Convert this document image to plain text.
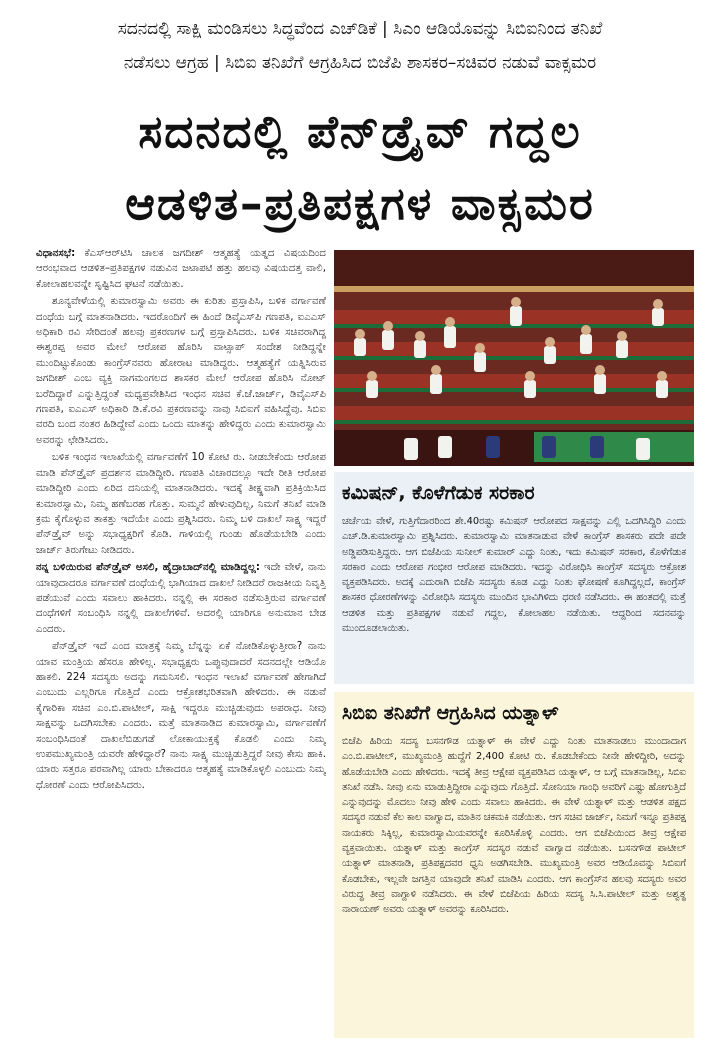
ಸದನದಲ್ಲಿ ಸಾಕ್ಷಿ ಮಂಡಿಸಲು ಸಿದ್ಧವೆಂದ ಎಚ್‌ಡಿಕೆ | ಸಿಎಂ ಆಡಿಯೊವನ್ನು ಸಿಬಿಐನಿಂದ ತನಿಖೆ
ನಡೆಸಲು ಆಗ್ರಹ | ಸಿಬಿಐ ತನಿಖೆಗೆ ಆಗ್ರಹಿಸಿದ ಬಿಜೆಪಿ ಶಾಸಕರ–ಸಚಿವರ ನಡುವೆ ವಾಕ್ಸಮರ
ಸದನದಲ್ಲಿ ಪೆನ್‌ಡ್ರೈವ್ ಗದ್ದಲ
ಆಡಳಿತ–ಪ್ರತಿಪಕ್ಷಗಳ ವಾಕ್ಸಮರ

ವಿಧಾನಸಭೆ: ಕೆಎಸ್‌ಆರ್‌ಟಿಸಿ ಚಾಲಕ ಜಗದೀಶ್ ಆತ್ಮಹತ್ಯೆ ಯತ್ನದ ವಿಷಯದಿಂದ ಆರಂಭವಾದ ಆಡಳಿತ–ಪ್ರತಿಪಕ್ಷಗಳ ನಡುವಿನ ಜಟಾಪಟಿ ಹತ್ತು ಹಲವು ವಿಷಯದತ್ತ ವಾಲಿ, ಕೋಲಾಹಲವನ್ನೇ ಸೃಷ್ಟಿಸಿದ ಘಟನೆ ನಡೆಯಿತು.

ಶೂನ್ಯವೇಳೆಯಲ್ಲಿ ಕುಮಾರಸ್ವಾಮಿ ಅವರು ಈ ಕುರಿತು ಪ್ರಸ್ತಾಪಿಸಿ, ಬಳಿಕ ವರ್ಗಾವಣೆ ದಂಧೆಯ ಬಗ್ಗೆ ಮಾತನಾಡಿದರು. ಇದರೊಂದಿಗೆ ಈ ಹಿಂದೆ ಡಿವೈಎಸ್‌ಪಿ ಗಣಪತಿ, ಐಎಎಸ್ ಅಧಿಕಾರಿ ರವಿ ಸೇರಿದಂತೆ ಹಲವು ಪ್ರಕರಣಗಳ ಬಗ್ಗೆ ಪ್ರಸ್ತಾಪಿಸಿದರು. ಬಳಿಕ ಸಚಿವರಾಗಿದ್ದ ಈಶ್ವರಪ್ಪ ಅವರ ಮೇಲೆ ಆರೋಪ ಹೊರಿಸಿ ವಾಟ್ಸಾಪ್ ಸಂದೇಶ ನೀಡಿದ್ದನ್ನೇ ಮುಂದಿಟ್ಟುಕೊಂಡು ಕಾಂಗ್ರೆಸ್‌ನವರು ಹೋರಾಟ ಮಾಡಿದ್ದರು. ಆತ್ಮಹತ್ಯೆಗೆ ಯತ್ನಿಸಿರುವ ಜಗದೀಶ್ ಎಂಬ ವ್ಯಕ್ತಿ ನಾಗಮಂಗಲದ ಶಾಸಕರ ಮೇಲೆ ಆರೋಪ ಹೊರಿಸಿ ನೋಟ್ ಬರೆದಿದ್ದಾರೆ ಎನ್ನುತ್ತಿದ್ದಂತೆ ಮಧ್ಯಪ್ರವೇಶಿಸಿದ ಇಂಧನ ಸಚಿವ ಕೆ.ಜೆ.ಜಾರ್ಜ್, ಡಿವೈಎಸ್‌ಪಿ ಗಣಪತಿ, ಐಎಎಸ್ ಅಧಿಕಾರಿ ಡಿ.ಕೆ.ರವಿ ಪ್ರಕರಣವನ್ನು ನಾವು ಸಿಬಿಐಗೆ ವಹಿಸಿದ್ದೆವು. ಸಿಬಿಐ ವರದಿ ಬಂದ ನಂತರ ಹಿಡಿದ್ದೇವೆ ಎಂದು ಒಂದು ಮಾತನ್ನು ಹೇಳಿದ್ದರು ಎಂದು ಕುಮಾರಸ್ವಾಮಿ ಅವರನ್ನು ಛೇಡಿಸಿದರು.

ಬಳಿಕ ಇಂಧನ ಇಲಾಖೆಯಲ್ಲಿ ವರ್ಗಾವಣೆಗೆ 10 ಕೋಟಿ ರು. ನೀಡಬೇಕೆಂದು ಆರೋಪ ಮಾಡಿ ಪೆನ್‌ಡ್ರೈವ್ ಪ್ರದರ್ಶನ ಮಾಡಿದ್ದೀರಿ. ಗಣಪತಿ ವಿಚಾರದಲ್ಲೂ ಇದೇ ರೀತಿ ಆರೋಪ ಮಾಡಿದ್ದೀರಿ ಎಂದು ಏರಿದ ದನಿಯಲ್ಲಿ ಮಾತನಾಡಿದರು. ಇದಕ್ಕೆ ತೀಕ್ಷ್ಣವಾಗಿ ಪ್ರತಿಕ್ರಿಯಿಸಿದ ಕುಮಾರಸ್ವಾಮಿ, ನಿಮ್ಮ ಹಣೆಬರಹ ಗೊತ್ತು. ಸುಮ್ಮನೆ ಹೇಳುವುದಿಲ್ಲ, ನಿಮಗೆ ತನಿಖೆ ಮಾಡಿ ಕ್ರಮ ಕೈಗೊಳ್ಳುವ ತಾಕತ್ತು ಇದೆಯೇ ಎಂದು ಪ್ರಶ್ನಿಸಿದರು. ನಿಮ್ಮ ಬಳಿ ದಾಖಲೆ ಸಾಕ್ಷ್ಯ ಇದ್ದರೆ ಪೆನ್‌ಡ್ರೈವ್ ಅನ್ನು ಸಭಾಧ್ಯಕ್ಷರಿಗೆ ಕೊಡಿ. ಗಾಳಿಯಲ್ಲಿ ಗುಂಡು ಹೊಡೆಯಬೇಡಿ ಎಂದು ಜಾರ್ಜ್ ತಿರುಗೇಟು ನೀಡಿದರು.

ನನ್ನ ಬಳಿಯಿರುವ ಪೆನ್‌ಡ್ರೈವ್ ಅಸಲಿ, ಹೈದ್ರಾಬಾದ್‌ನಲ್ಲಿ ಮಾಡಿದ್ದಲ್ಲ: ಇದೇ ವೇಳೆ, ನಾನು ಯಾವುದಾದರೂ ವರ್ಗಾವಣೆ ದಂಧೆಯಲ್ಲಿ ಭಾಗಿಯಾದ ದಾಖಲೆ ನೀಡಿದರೆ ರಾಜಕೀಯ ನಿವೃತ್ತಿ ಪಡೆಯುವೆ ಎಂದು ಸವಾಲು ಹಾಕಿದರು. ನನ್ನಲ್ಲಿ ಈ ಸರಕಾರ ನಡೆಸುತ್ತಿರುವ ವರ್ಗಾವಣೆ ದಂಧೆಗಳಿಗೆ ಸಂಬಂಧಿಸಿ ನನ್ನಲ್ಲಿ ದಾಖಲೆಗಳಿವೆ. ಅದರಲ್ಲಿ ಯಾರಿಗೂ ಅನುಮಾನ ಬೇಡ ಎಂದರು.

ಪೆನ್‌ಡ್ರೈವ್ ಇದೆ ಎಂದ ಮಾತ್ರಕ್ಕೆ ನಿಮ್ಮ ಬೆನ್ನನ್ನು ಏಕೆ ನೋಡಿಕೊಳ್ಳುತ್ತೀರಾ? ನಾನು ಯಾವ ಮಂತ್ರಿಯ ಹೆಸರೂ ಹೇಳಿಲ್ಲ. ಸಭಾಧ್ಯಕ್ಷರು ಒಪ್ಪುವುದಾದರೆ ಸದನದಲ್ಲೇ ಆಡಿಯೊ ಹಾಕಲಿ. 224 ಸದಸ್ಯರು ಅದನ್ನು ಗಮನಿಸಲಿ. ಇಂಧನ ಇಲಾಖೆ ವರ್ಗಾವಣೆ ಹೇಗಾಗಿದೆ ಎಂಬುದು ಎಲ್ಲರಿಗೂ ಗೊತ್ತಿದೆ ಎಂದು ಆಕ್ರೋಶಭರಿತವಾಗಿ ಹೇಳಿದರು. ಈ ನಡುವೆ ಕೈಗಾರಿಕಾ ಸಚಿವ ಎಂ.ಬಿ.ಪಾಟೀಲ್, ಸಾಕ್ಷಿ ಇದ್ದರೂ ಮುಚ್ಚಿಡುವುದು ಅಪರಾಧ. ನೀವು ಸಾಕ್ಷವನ್ನು ಒದಗಿಸಬೇಕು ಎಂದರು. ಮತ್ತೆ ಮಾತನಾಡಿದ ಕುಮಾರಸ್ವಾಮಿ, ವರ್ಗಾವಣೆಗೆ ಸಂಬಂಧಿಸಿದಂತೆ ದಾಖಲೆಬಿಡುಗಡೆ ಲೋಕಾಯುಕ್ತಕ್ಕೆ ಕೊಡಲಿ ಎಂದು ನಿಮ್ಮ ಉಪಮುಖ್ಯಮಂತ್ರಿ ಯವರೇ ಹೇಳಿದ್ದಾರೆ? ನಾನು ಸಾಕ್ಷ್ಯ ಮುಚ್ಚಿಡುತ್ತಿದ್ದರೆ ನೀವು ಕೇಸು ಹಾಕಿ. ಯಾರು ಸತ್ತರೂ ಪರವಾಗಿಲ್ಲ ಯಾರು ಬೇಕಾದರೂ ಆತ್ಮಹತ್ಯೆ ಮಾಡಿಕೊಳ್ಳಲಿ ಎಂಬುದು ನಿಮ್ಮ ಧೋರಣೆ ಎಂದು ಆರೋಪಿಸಿದರು.

ಕಮಿಷನ್, ಕೊಳೆಗೆಡುಕ ಸರಕಾರ
ಚರ್ಚೆಯ ವೇಳೆ, ಗುತ್ತಿಗೆದಾರರಿಂದ ಶೇ.40ರಷ್ಟು ಕಮಿಷನ್ ಆರೋಪದ ಸಾಕ್ಷವನ್ನು ಎಲ್ಲಿ ಒದಗಿಸಿದ್ದಿರಿ ಎಂದು ಎಚ್.ಡಿ.ಕುಮಾರಸ್ವಾಮಿ ಪ್ರಶ್ನಿಸಿದರು. ಕುಮಾರಸ್ವಾಮಿ ಮಾತನಾಡುವ ವೇಳೆ ಕಾಂಗ್ರೆಸ್ ಶಾಸಕರು ಪದೇ ಪದೇ ಅಡ್ಡಿಪಡಿಸುತ್ತಿದ್ದರು. ಆಗ ಬಿಜೆಪಿಯ ಸುನೀಲ್ ಕುಮಾರ್ ಎದ್ದು ನಿಂತು, ಇದು ಕಮಿಷನ್ ಸರಕಾರ, ಕೊಳೆಗೆಡುಕ ಸರಕಾರ ಎಂದು ಆರೋಪ ಗಂಭೀರ ಆರೋಪ ಮಾಡಿದರು. ಇದನ್ನು ವಿರೋಧಿಸಿ ಕಾಂಗ್ರೆಸ್ ಸದಸ್ಯರು ಆಕ್ರೋಶ ವ್ಯಕ್ತಪಡಿಸಿದರು. ಅದಕ್ಕೆ ಎದುರಾಗಿ ಬಿಜೆಪಿ ಸದಸ್ಯರು ಕೂಡ ಎದ್ದು ನಿಂತು ಘೋಷಣೆ ಕೂಗಿದ್ದಲ್ಲದೆ, ಕಾಂಗ್ರೆಸ್ ಶಾಸಕರ ಧೋರಣೆಗಳನ್ನು ವಿರೋಧಿಸಿ ಸದಸ್ಯರು ಮುಂದಿನ ಭಾವಿಗಿಳಿದು ಧರಣಿ ನಡೆಸಿದರು. ಈ ಹಂತದಲ್ಲಿ ಮತ್ತೆ ಆಡಳಿತ ಮತ್ತು ಪ್ರತಿಪಕ್ಷಗಳ ನಡುವೆ ಗದ್ದಲ, ಕೋಲಾಹಲ ನಡೆಯಿತು. ಆದ್ದರಿಂದ ಸದನವನ್ನು ಮುಂದೂಡಲಾಯಿತು.
ಸಿಬಿಐ ತನಿಖೆಗೆ ಆಗ್ರಹಿಸಿದ ಯತ್ನಾಳ್
ಬಿಜೆಪಿ ಹಿರಿಯ ಸದಸ್ಯ ಬಸನಗೌಡ ಯತ್ನಾಳ್ ಈ ವೇಳೆ ಎದ್ದು ನಿಂತು ಮಾತನಾಡಲು ಮುಂದಾದಾಗ ಎಂ.ಬಿ.ಪಾಟೀಲ್, ಮುಖ್ಯಮಂತ್ರಿ ಹುದ್ದೆಗೆ 2,400 ಕೋಟಿ ರು. ಕೊಡಬೇಕೆಂದು ನೀನೇ ಹೇಳಿದ್ದೀರಿ, ಅದನ್ನು ಹೊಡೆಯಬೇಡಿ ಎಂದು ಹೇಳಿದರು. ಇದಕ್ಕೆ ತೀವ್ರ ಆಕ್ಷೇಪ ವ್ಯಕ್ತಪಡಿಸಿದ ಯತ್ನಾಳ್, ಆ ಬಗ್ಗೆ ಮಾತನಾಡಿಲ್ಲ, ಸಿಬಿಐ ತನಿಖೆ ನಡೆಸಿ. ನೀವು ಏನು ಮಾಡುತ್ತಿದ್ದೀರಾ ಎನ್ನುವುದು ಗೊತ್ತಿದೆ. ಸೋನಿಯಾ ಗಾಂಧಿ ಅವರಿಗೆ ಎಷ್ಟು ಹೋಗುತ್ತಿದೆ ಎನ್ನುವುದನ್ನು ಮೊದಲು ನೀವು ಹೇಳಿ ಎಂದು ಸವಾಲು ಹಾಕಿದರು. ಈ ವೇಳೆ ಯತ್ನಾಳ್ ಮತ್ತು ಆಡಳಿತ ಪಕ್ಷದ ಸದಸ್ಯರ ನಡುವೆ ಕೆಲ ಕಾಲ ವಾಗ್ವಾದ, ಮಾತಿನ ಚಕಮಕಿ ನಡೆಯಿತು. ಆಗ ಸಚಿವ ಜಾರ್ಜ್, ನಿಮಗೆ ಇನ್ನೂ ಪ್ರತಿಪಕ್ಷ ನಾಯಕರು ಸಿಕ್ಕಿಲ್ಲ, ಕುಮಾರಸ್ವಾಮಿಯವರನ್ನೇ ಕೂರಿಸಿಕೊಳ್ಳಿ ಎಂದರು. ಆಗ ಬಿಜೆಪಿಯಿಂದ ತೀವ್ರ ಆಕ್ಷೇಪ ವ್ಯಕ್ತವಾಯಿತು. ಯತ್ನಾಳ್ ಮತ್ತು ಕಾಂಗ್ರೆಸ್ ಸದಸ್ಯರ ನಡುವೆ ವಾಗ್ವಾದ ನಡೆಯಿತು. ಬಸನಗೌಡ ಪಾಟೀಲ್ ಯತ್ನಾಳ್ ಮಾತನಾಡಿ, ಪ್ರತಿಪಕ್ಷದವರ ಧ್ವನಿ ಅಡಗಿಸಬೇಡಿ. ಮುಖ್ಯಮಂತ್ರಿ ಅವರ ಆಡಿಯೊವನ್ನು ಸಿಬಿಐಗೆ ಕೊಡಬೇಕು, ಇಲ್ಲವೇ ಜಗತ್ತಿನ ಯಾವುದೇ ತನಿಖೆ ಮಾಡಿಸಿ ಎಂದರು. ಆಗ ಕಾಂಗ್ರೆಸ್‌ನ ಹಲವು ಸದಸ್ಯರು ಅವರ ವಿರುದ್ಧ ತೀವ್ರ ವಾಗ್ದಾಳಿ ನಡೆಸಿದರು. ಈ ವೇಳೆ ಬಿಜೆಪಿಯ ಹಿರಿಯ ಸದಸ್ಯ ಸಿ.ಸಿ.ಪಾಟೀಲ್ ಮತ್ತು ಅಶ್ವತ್ಥ ನಾರಾಯಣ್ ಅವರು ಯತ್ನಾಳ್ ಅವರನ್ನು ಕೂರಿಸಿದರು.
